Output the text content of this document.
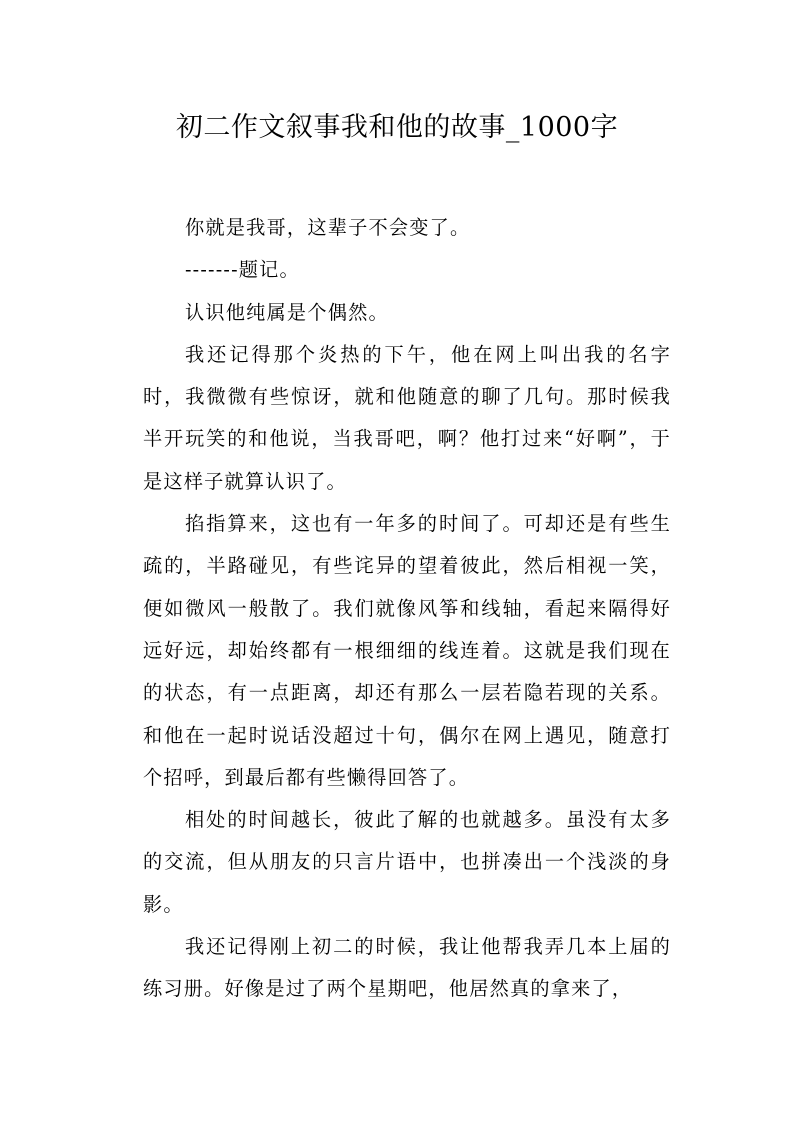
初二作文叙事我和他的故事_1000字

你就是我哥，这辈子不会变了。

-------题记。

认识他纯属是个偶然。

我还记得那个炎热的下午，他在网上叫出我的名字时，我微微有些惊讶，就和他随意的聊了几句。那时候我半开玩笑的和他说，当我哥吧，啊？他打过来“好啊”，于是这样子就算认识了。

掐指算来，这也有一年多的时间了。可却还是有些生疏的，半路碰见，有些诧异的望着彼此，然后相视一笑，便如微风一般散了。我们就像风筝和线轴，看起来隔得好远好远，却始终都有一根细细的线连着。这就是我们现在的状态，有一点距离，却还有那么一层若隐若现的关系。和他在一起时说话没超过十句，偶尔在网上遇见，随意打个招呼，到最后都有些懒得回答了。

相处的时间越长，彼此了解的也就越多。虽没有太多的交流，但从朋友的只言片语中，也拼凑出一个浅淡的身影。

我还记得刚上初二的时候，我让他帮我弄几本上届的练习册。好像是过了两个星期吧，他居然真的拿来了，
